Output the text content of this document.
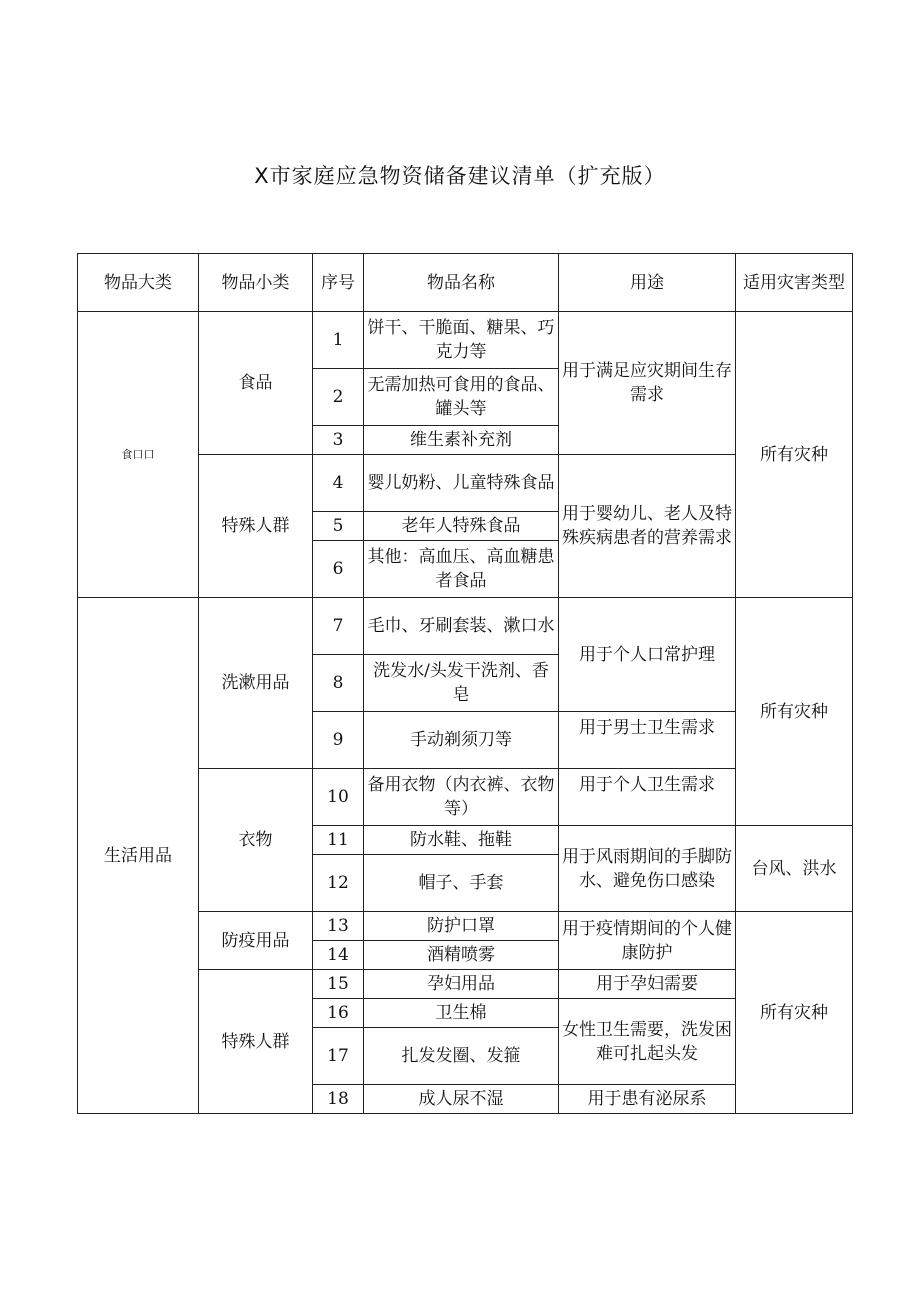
X市家庭应急物资储备建议清单（扩充版）
物品大类	物品小类	序号	物品名称	用途	适用灾害类型
食口口	食品	1	饼干、干脆面、糖果、巧克力等	用于满足应灾期间生存需求	所有灾种
		2	无需加热可食用的食品、罐头等		
		3	维生素补充剂		
	特殊人群	4	婴儿奶粉、儿童特殊食品	用于婴幼儿、老人及特殊疾病患者的营养需求	
		5	老年人特殊食品		
		6	其他：高血压、高血糖患者食品		
生活用品	洗漱用品	7	毛巾、牙刷套装、漱口水	用于个人口常护理	所有灾种
		8	洗发水/头发干洗剂、香皂		
		9	手动剃须刀等	用于男士卫生需求	
	衣物	10	备用衣物（内衣裤、衣物等）	用于个人卫生需求	
		11	防水鞋、拖鞋	用于风雨期间的手脚防水、避免伤口感染	台风、洪水
		12	帽子、手套		
	防疫用品	13	防护口罩	用于疫情期间的个人健康防护	所有灾种
		14	酒精喷雾		
	特殊人群	15	孕妇用品	用于孕妇需要	
		16	卫生棉	女性卫生需要，洗发困难可扎起头发	
		17	扎发发圈、发箍		
		18	成人尿不湿	用于患有泌尿系	
